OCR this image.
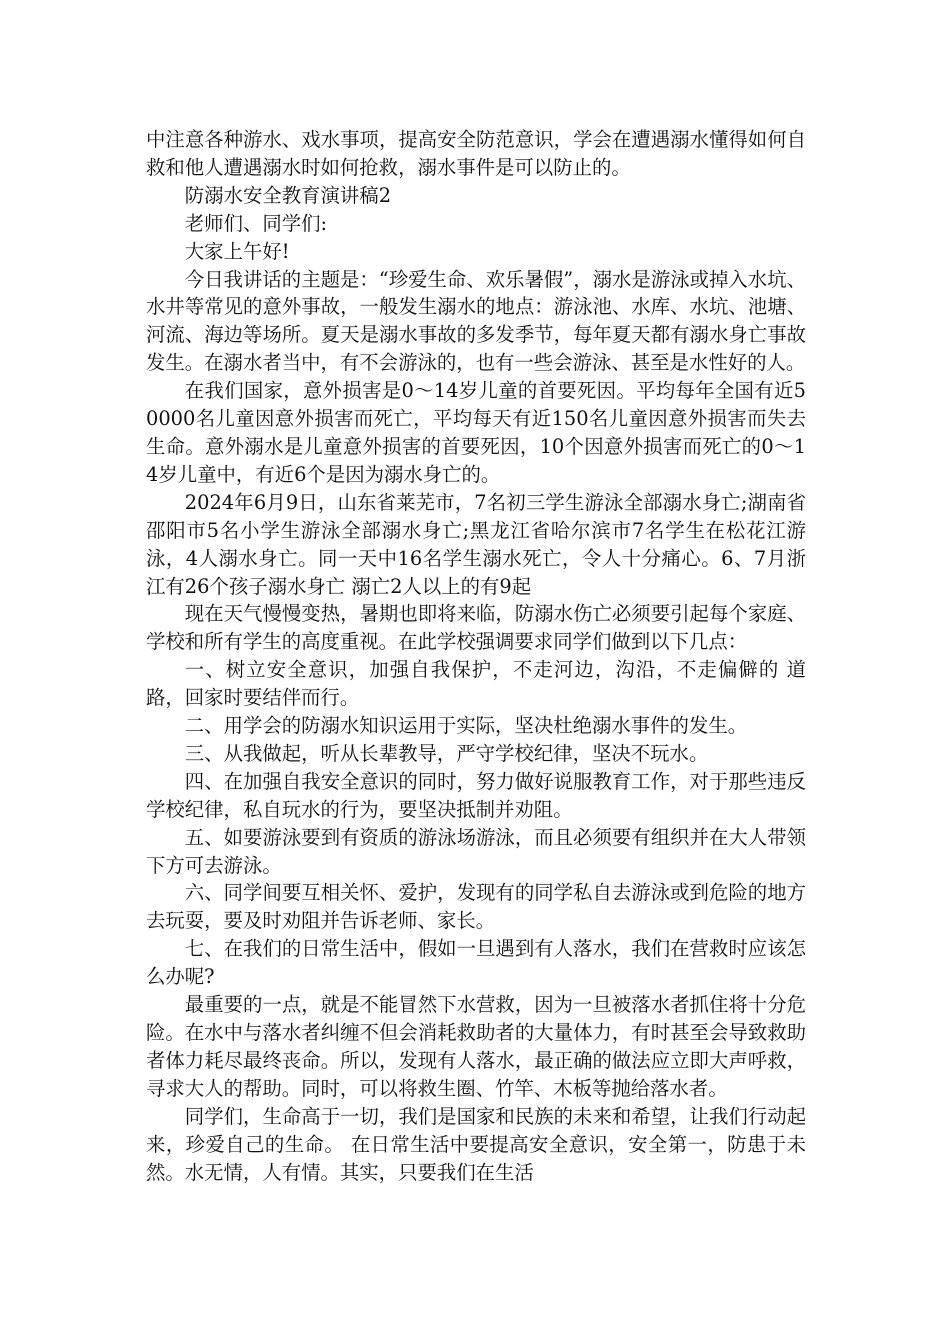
中注意各种游水、戏水事项，提高安全防范意识，学会在遭遇溺水懂得如何自救和他人遭遇溺水时如何抢救，溺水事件是可以防止的。

防溺水安全教育演讲稿2

老师们、同学们:

大家上午好!

今日我讲话的主题是：“珍爱生命、欢乐暑假”，溺水是游泳或掉入水坑、水井等常见的意外事故，一般发生溺水的地点：游泳池、水库、水坑、池塘、河流、海边等场所。夏天是溺水事故的多发季节，每年夏天都有溺水身亡事故发生。在溺水者当中，有不会游泳的，也有一些会游泳、甚至是水性好的人。

在我们国家，意外损害是0～14岁儿童的首要死因。平均每年全国有近50000名儿童因意外损害而死亡，平均每天有近150名儿童因意外损害而失去生命。意外溺水是儿童意外损害的首要死因，10个因意外损害而死亡的0～14岁儿童中，有近6个是因为溺水身亡的。

2024年6月9日，山东省莱芜市，7名初三学生游泳全部溺水身亡;湖南省邵阳市5名小学生游泳全部溺水身亡;黑龙江省哈尔滨市7名学生在松花江游泳，4人溺水身亡。同一天中16名学生溺水死亡，令人十分痛心。6、7月浙江有26个孩子溺水身亡 溺亡2人以上的有9起

现在天气慢慢变热，暑期也即将来临，防溺水伤亡必须要引起每个家庭、学校和所有学生的高度重视。在此学校强调要求同学们做到以下几点：

一、树立安全意识，加强自我保护，不走河边，沟沿，不走偏僻的 道路，回家时要结伴而行。

二、用学会的防溺水知识运用于实际，坚决杜绝溺水事件的发生。

三、从我做起，听从长辈教导，严守学校纪律，坚决不玩水。

四、在加强自我安全意识的同时，努力做好说服教育工作，对于那些违反学校纪律，私自玩水的行为，要坚决抵制并劝阻。

五、如要游泳要到有资质的游泳场游泳，而且必须要有组织并在大人带领下方可去游泳。

六、同学间要互相关怀、爱护，发现有的同学私自去游泳或到危险的地方去玩耍，要及时劝阻并告诉老师、家长。

七、在我们的日常生活中，假如一旦遇到有人落水，我们在营救时应该怎么办呢?

最重要的一点，就是不能冒然下水营救，因为一旦被落水者抓住将十分危险。在水中与落水者纠缠不但会消耗救助者的大量体力，有时甚至会导致救助者体力耗尽最终丧命。所以，发现有人落水，最正确的做法应立即大声呼救，寻求大人的帮助。同时，可以将救生圈、竹竿、木板等抛给落水者。

同学们，生命高于一切，我们是国家和民族的未来和希望，让我们行动起来，珍爱自己的生命。 在日常生活中要提高安全意识，安全第一，防患于未然。水无情，人有情。其实，只要我们在生活
